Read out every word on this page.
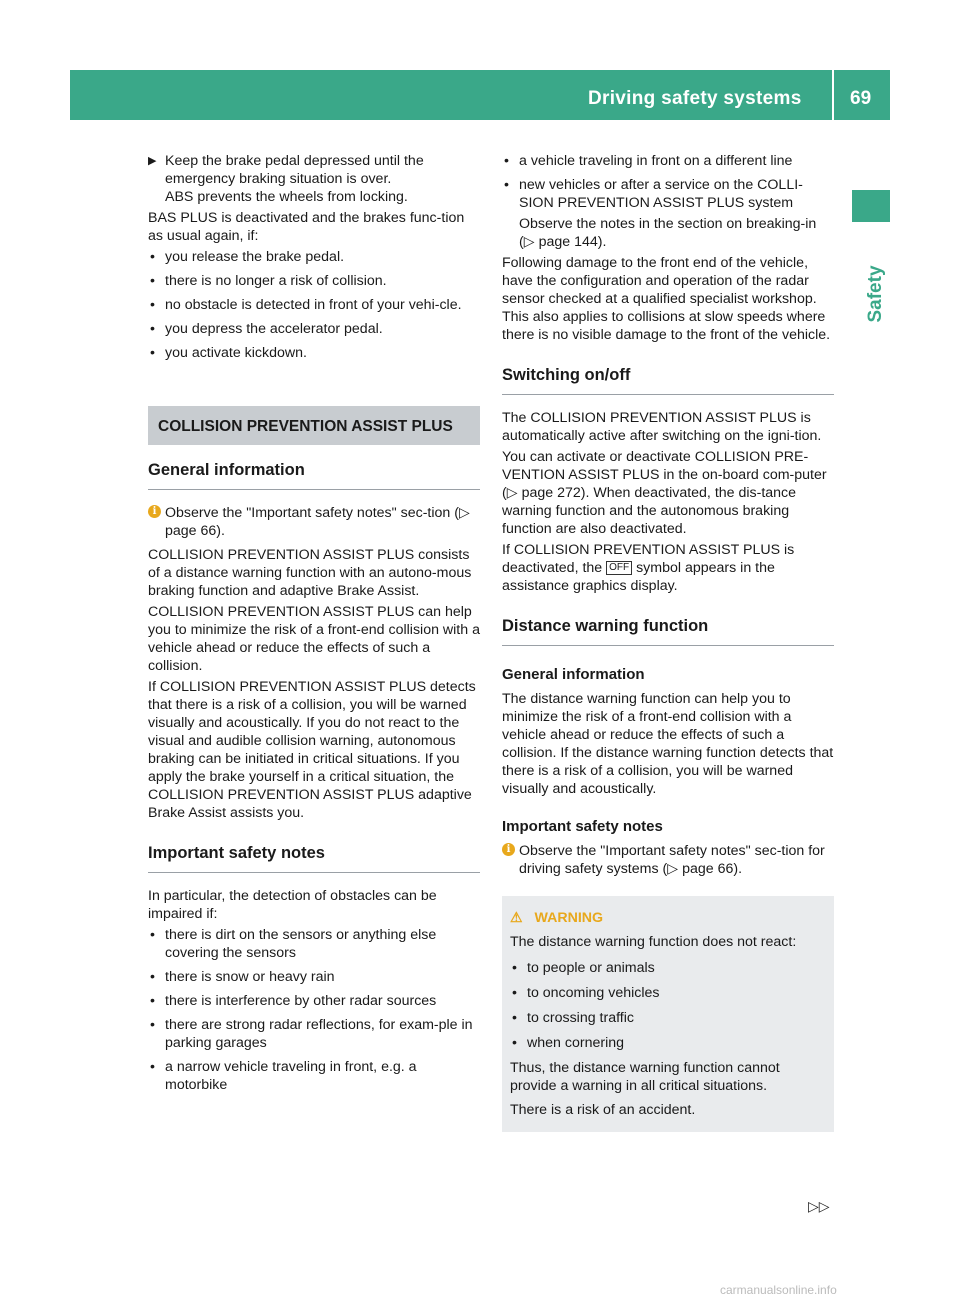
Driving safety systems	69
Safety
▶ Keep the brake pedal depressed until the emergency braking situation is over.
ABS prevents the wheels from locking.
BAS PLUS is deactivated and the brakes func-tion as usual again, if:
• you release the brake pedal.
• there is no longer a risk of collision.
• no obstacle is detected in front of your vehi-cle.
• you depress the accelerator pedal.
• you activate kickdown.
COLLISION PREVENTION ASSIST PLUS
General information
i Observe the "Important safety notes" sec-tion (▷ page 66).
COLLISION PREVENTION ASSIST PLUS consists of a distance warning function with an autono-mous braking function and adaptive Brake Assist.
COLLISION PREVENTION ASSIST PLUS can help you to minimize the risk of a front-end collision with a vehicle ahead or reduce the effects of such a collision.
If COLLISION PREVENTION ASSIST PLUS detects that there is a risk of a collision, you will be warned visually and acoustically. If you do not react to the visual and audible collision warning, autonomous braking can be initiated in critical situations. If you apply the brake yourself in a critical situation, the COLLISION PREVENTION ASSIST PLUS adaptive Brake Assist assists you.
Important safety notes
In particular, the detection of obstacles can be impaired if:
• there is dirt on the sensors or anything else covering the sensors
• there is snow or heavy rain
• there is interference by other radar sources
• there are strong radar reflections, for exam-ple in parking garages
• a narrow vehicle traveling in front, e.g. a motorbike
• a vehicle traveling in front on a different line
• new vehicles or after a service on the COLLI-SION PREVENTION ASSIST PLUS system
Observe the notes in the section on breaking-in (▷ page 144).
Following damage to the front end of the vehicle, have the configuration and operation of the radar sensor checked at a qualified specialist workshop. This also applies to collisions at slow speeds where there is no visible damage to the front of the vehicle.
Switching on/off
The COLLISION PREVENTION ASSIST PLUS is automatically active after switching on the igni-tion.
You can activate or deactivate COLLISION PRE-VENTION ASSIST PLUS in the on-board com-puter (▷ page 272). When deactivated, the dis-tance warning function and the autonomous braking function are also deactivated.
If COLLISION PREVENTION ASSIST PLUS is deactivated, the OFF symbol appears in the assistance graphics display.
Distance warning function
General information
The distance warning function can help you to minimize the risk of a front-end collision with a vehicle ahead or reduce the effects of such a collision. If the distance warning function detects that there is a risk of a collision, you will be warned visually and acoustically.
Important safety notes
i Observe the "Important safety notes" sec-tion for driving safety systems (▷ page 66).
⚠ WARNING
The distance warning function does not react:
• to people or animals
• to oncoming vehicles
• to crossing traffic
• when cornering
Thus, the distance warning function cannot provide a warning in all critical situations.
There is a risk of an accident.
▷▷
carmanualsonline.info
